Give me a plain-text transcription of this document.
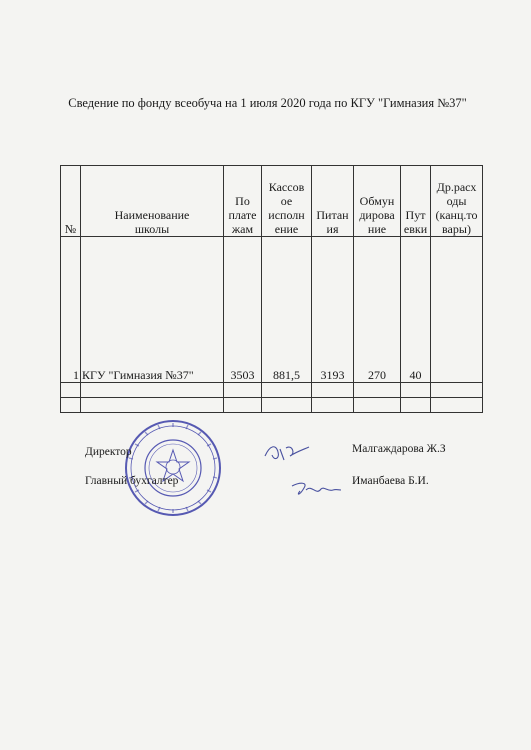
Сведение по фонду всеобуча на 1 июля 2020 года по КГУ "Гимназия №37"
№	Наименование
школы	По
плате
жам	Кассов
ое
исполн
ение	Питан
ия	Обмун
дирова
ние	Пут
евки	Др.расх
оды
(канц.то
вары)
1	КГУ "Гимназия №37"	3503	881,5	3193	270	40	

Директор	Малгаждарова Ж.З
Главный бухгалтер	Иманбаева Б.И.
